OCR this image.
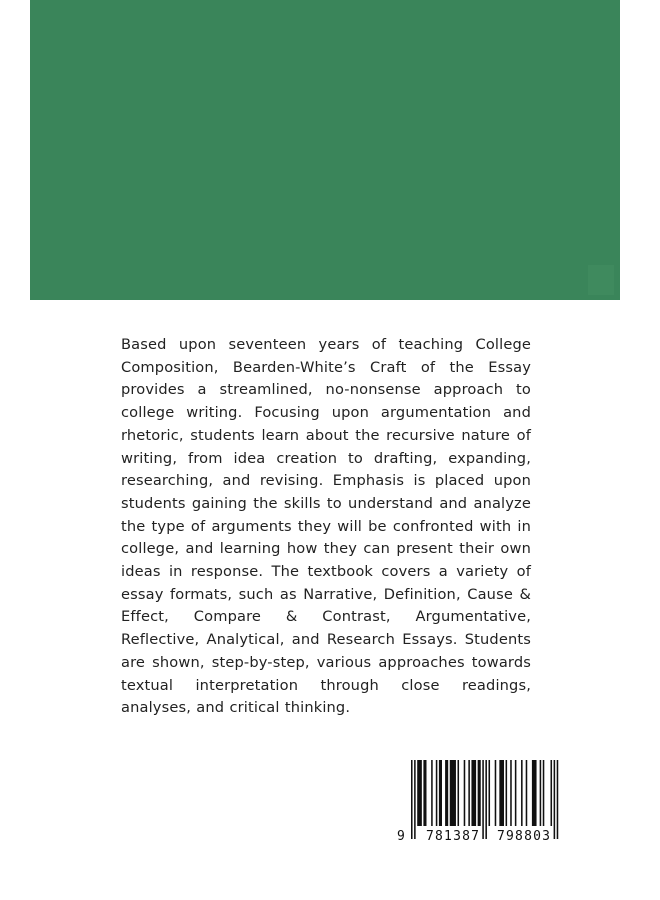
Based upon seventeen years of teaching College Composition, Bearden-White’s Craft of the Essay provides a streamlined, no-nonsense approach to college writing. Focusing upon argumentation and rhetoric, students learn about the recursive nature of writing, from idea creation to drafting, expanding, researching, and revising. Emphasis is placed upon students gaining the skills to understand and analyze the type of arguments they will be confronted with in college, and learning how they can present their own ideas in response. The textbook covers a variety of essay formats, such as Narrative, Definition, Cause & Effect, Compare & Contrast, Argumentative, Reflective, Analytical, and Research Essays. Students are shown, step-by-step, various approaches towards textual interpretation through close readings, analyses, and critical thinking.

9 781387 798803
